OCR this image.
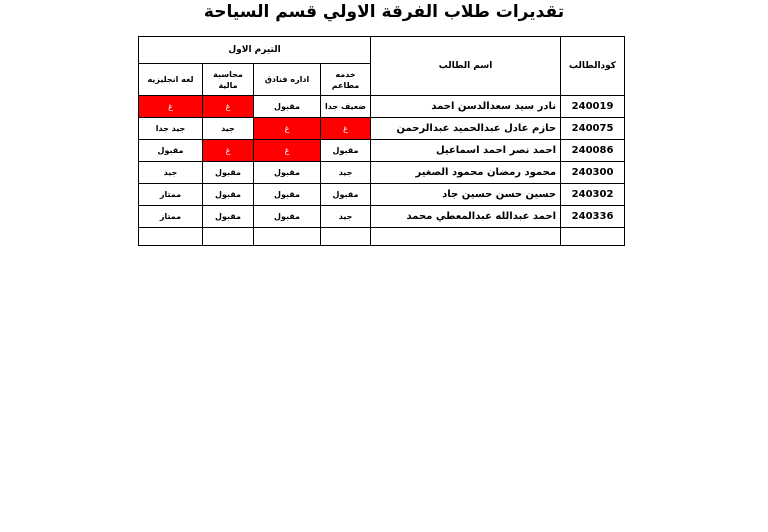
تقديرات طلاب الفرقة الاولي قسم السياحة
التيرم الاول				اسم الطالب	كودالطالب
لغه انجليزيه	محاسبة مالية	اداره فنادق	خدمه مطاعم		
غ	غ	مقبول	ضعيف جدا	نادر سيد سعدالدسن احمد	240019
جيد جدا	جيد	غ	غ	حازم عادل عبدالحميد عبدالرحمن	240075
مقبول	غ	غ	مقبول	احمد نصر احمد اسماعيل	240086
جيد	مقبول	مقبول	جيد	محمود رمضان محمود الصغير	240300
ممتاز	مقبول	مقبول	مقبول	حسين حسن حسين جاد	240302
ممتاز	مقبول	مقبول	جيد	احمد عبدالله عبدالمعطي محمد	240336
